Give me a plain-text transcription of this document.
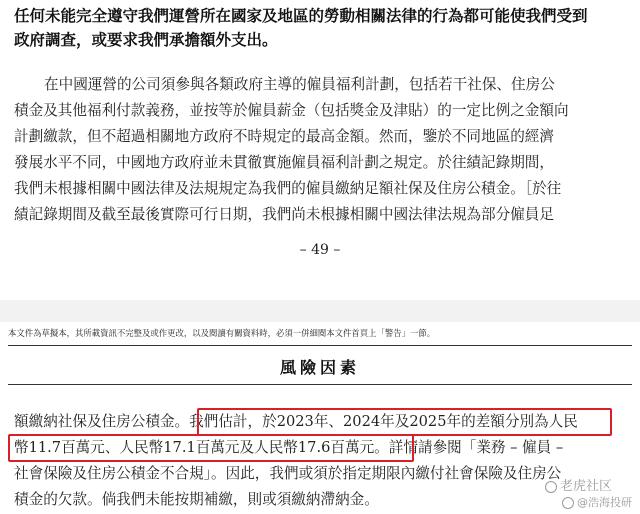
任何未能完全遵守我們運營所在國家及地區的勞動相關法律的行為都可能使我們受到
政府調查，或要求我們承擔額外支出。
在中國運營的公司須參與各類政府主導的僱員福利計劃，包括若干社保、住房公
積金及其他福利付款義務，並按等於僱員薪金（包括獎金及津貼）的一定比例之金額向
計劃繳款，但不超過相關地方政府不時規定的最高金額。然而，鑒於不同地區的經濟
發展水平不同，中國地方政府並未貫徹實施僱員福利計劃之規定。於往績記錄期間，
我們未根據相關中國法律及法規規定為我們的僱員繳納足額社保及住房公積金。［於往
績記錄期間及截至最後實際可行日期，我們尚未根據相關中國法律法規為部分僱員足
– 49 –
本文件為草擬本，其所載資訊不完整及或作更改，以及閱讀有關資料時，必須一併細閱本文件首頁上「警告」一節。
風險因素
額繳納社保及住房公積金。我們估計，於2023年、2024年及2025年的差額分別為人民
幣11.7百萬元、人民幣17.1百萬元及人民幣17.6百萬元。詳情請參閱「業務 – 僱員 –
社會保險及住房公積金不合規」。因此，我們或須於指定期限內繳付社會保險及住房公
積金的欠款。倘我們未能按期補繳，則或須繳納滯納金。
老虎社区
@浩海投研
